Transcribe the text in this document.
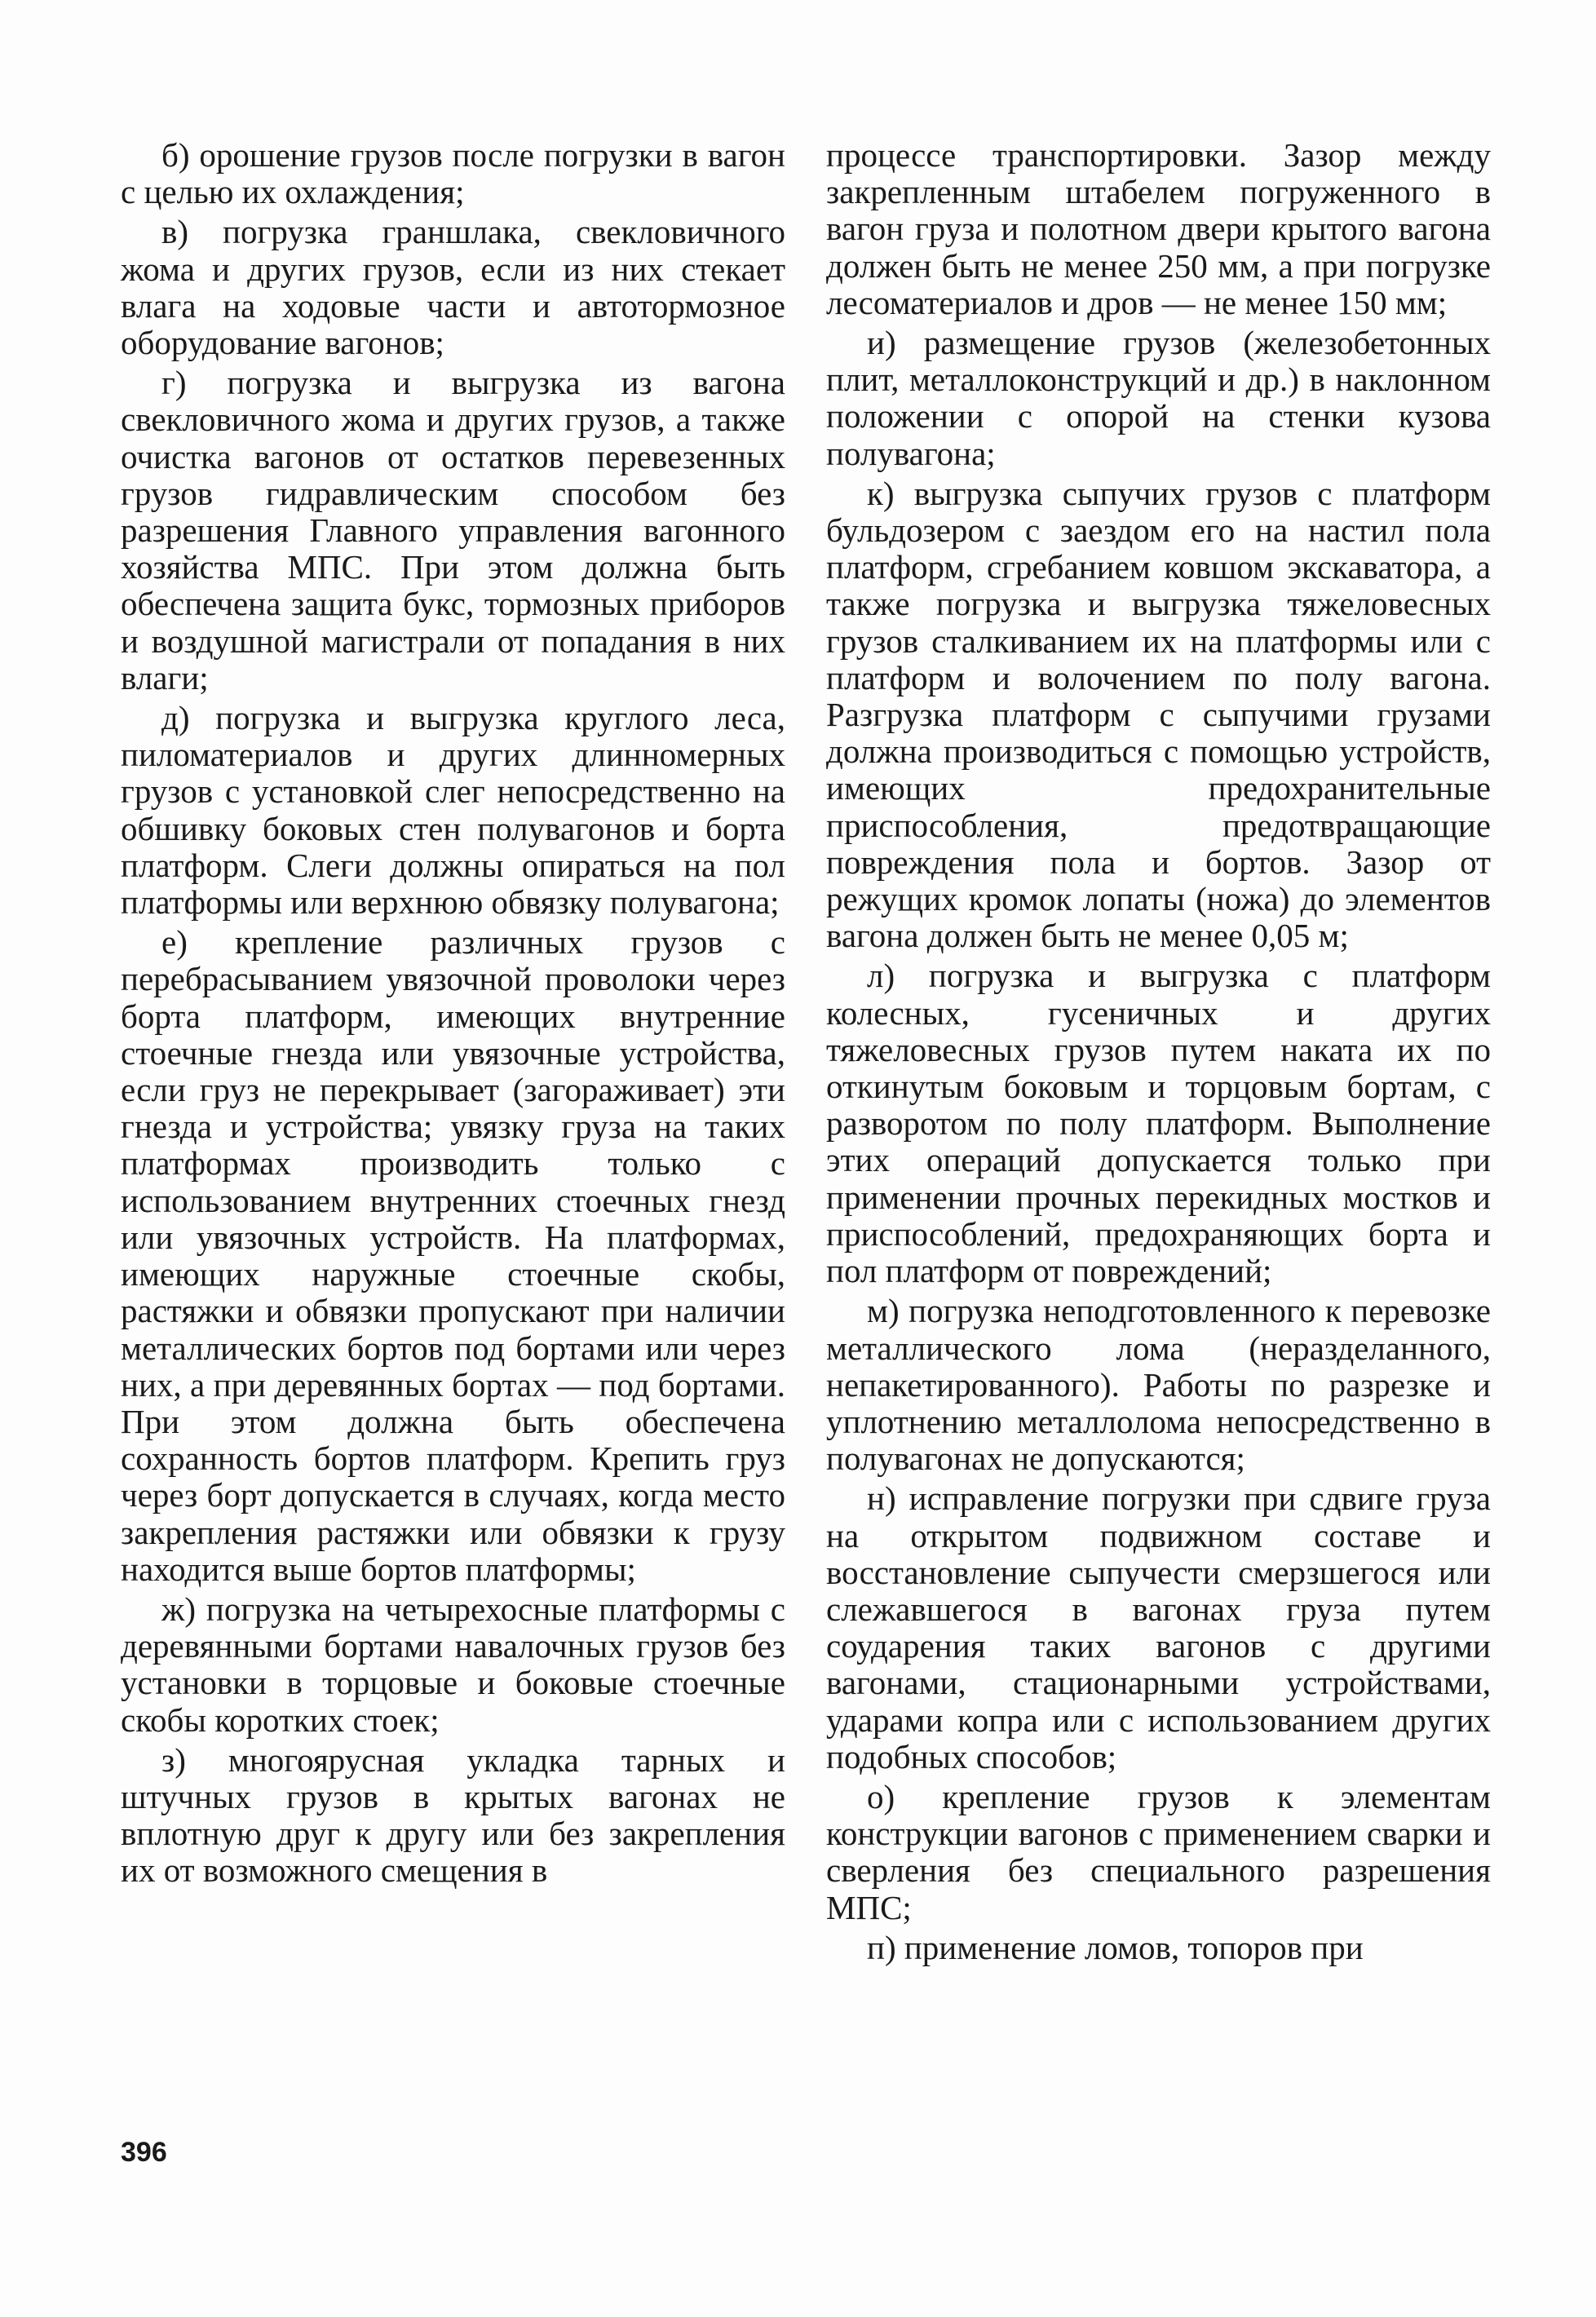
б) орошение грузов после погрузки в вагон с целью их охлаждения;

в) погрузка граншлака, свекловичного жома и других грузов, если из них стекает влага на ходовые части и автотормозное оборудование вагонов;

г) погрузка и выгрузка из вагона свекловичного жома и других грузов, а также очистка вагонов от остатков перевезенных грузов гидравлическим способом без разрешения Главного управления вагонного хозяйства МПС. При этом должна быть обеспечена защита букс, тормозных приборов и воздушной магистрали от попадания в них влаги;

д) погрузка и выгрузка круглого леса, пиломатериалов и других длинномерных грузов с установкой слег непосредственно на обшивку боковых стен полувагонов и борта платформ. Слеги должны опираться на пол платформы или верхнюю обвязку полувагона;

е) крепление различных грузов с перебрасыванием увязочной проволоки через борта платформ, имеющих внутренние стоечные гнезда или увязочные устройства, если груз не перекрывает (загораживает) эти гнезда и устройства; увязку груза на таких платформах производить только с использованием внутренних стоечных гнезд или увязочных устройств. На платформах, имеющих наружные стоечные скобы, растяжки и обвязки пропускают при наличии металлических бортов под бортами или через них, а при деревянных бортах — под бортами. При этом должна быть обеспечена сохранность бортов платформ. Крепить груз через борт допускается в случаях, когда место закрепления растяжки или обвязки к грузу находится выше бортов платформы;

ж) погрузка на четырехосные платформы с деревянными бортами навалочных грузов без установки в торцовые и боковые стоечные скобы коротких стоек;

з) многоярусная укладка тарных и штучных грузов в крытых вагонах не вплотную друг к другу или без закрепления их от возможного смещения в

процессе транспортировки. Зазор между закрепленным штабелем погруженного в вагон груза и полотном двери крытого вагона должен быть не менее 250 мм, а при погрузке лесоматериалов и дров — не менее 150 мм;

и) размещение грузов (железобетонных плит, металлоконструкций и др.) в наклонном положении с опорой на стенки кузова полувагона;

к) выгрузка сыпучих грузов с платформ бульдозером с заездом его на настил пола платформ, сгребанием ковшом экскаватора, а также погрузка и выгрузка тяжеловесных грузов сталкиванием их на платформы или с платформ и волочением по полу вагона. Разгрузка платформ с сыпучими грузами должна производиться с помощью устройств, имеющих предохранительные приспособления, предотвращающие повреждения пола и бортов. Зазор от режущих кромок лопаты (ножа) до элементов вагона должен быть не менее 0,05 м;

л) погрузка и выгрузка с платформ колесных, гусеничных и других тяжеловесных грузов путем наката их по откинутым боковым и торцовым бортам, с разворотом по полу платформ. Выполнение этих операций допускается только при применении прочных перекидных мостков и приспособлений, предохраняющих борта и пол платформ от повреждений;

м) погрузка неподготовленного к перевозке металлического лома (неразделанного, непакетированного). Работы по разрезке и уплотнению металлолома непосредственно в полувагонах не допускаются;

н) исправление погрузки при сдвиге груза на открытом подвижном составе и восстановление сыпучести смерзшегося или слежавшегося в вагонах груза путем соударения таких вагонов с другими вагонами, стационарными устройствами, ударами копра или с использованием других подобных способов;

о) крепление грузов к элементам конструкции вагонов с применением сварки и сверления без специального разрешения МПС;

п) применение ломов, топоров при

396
